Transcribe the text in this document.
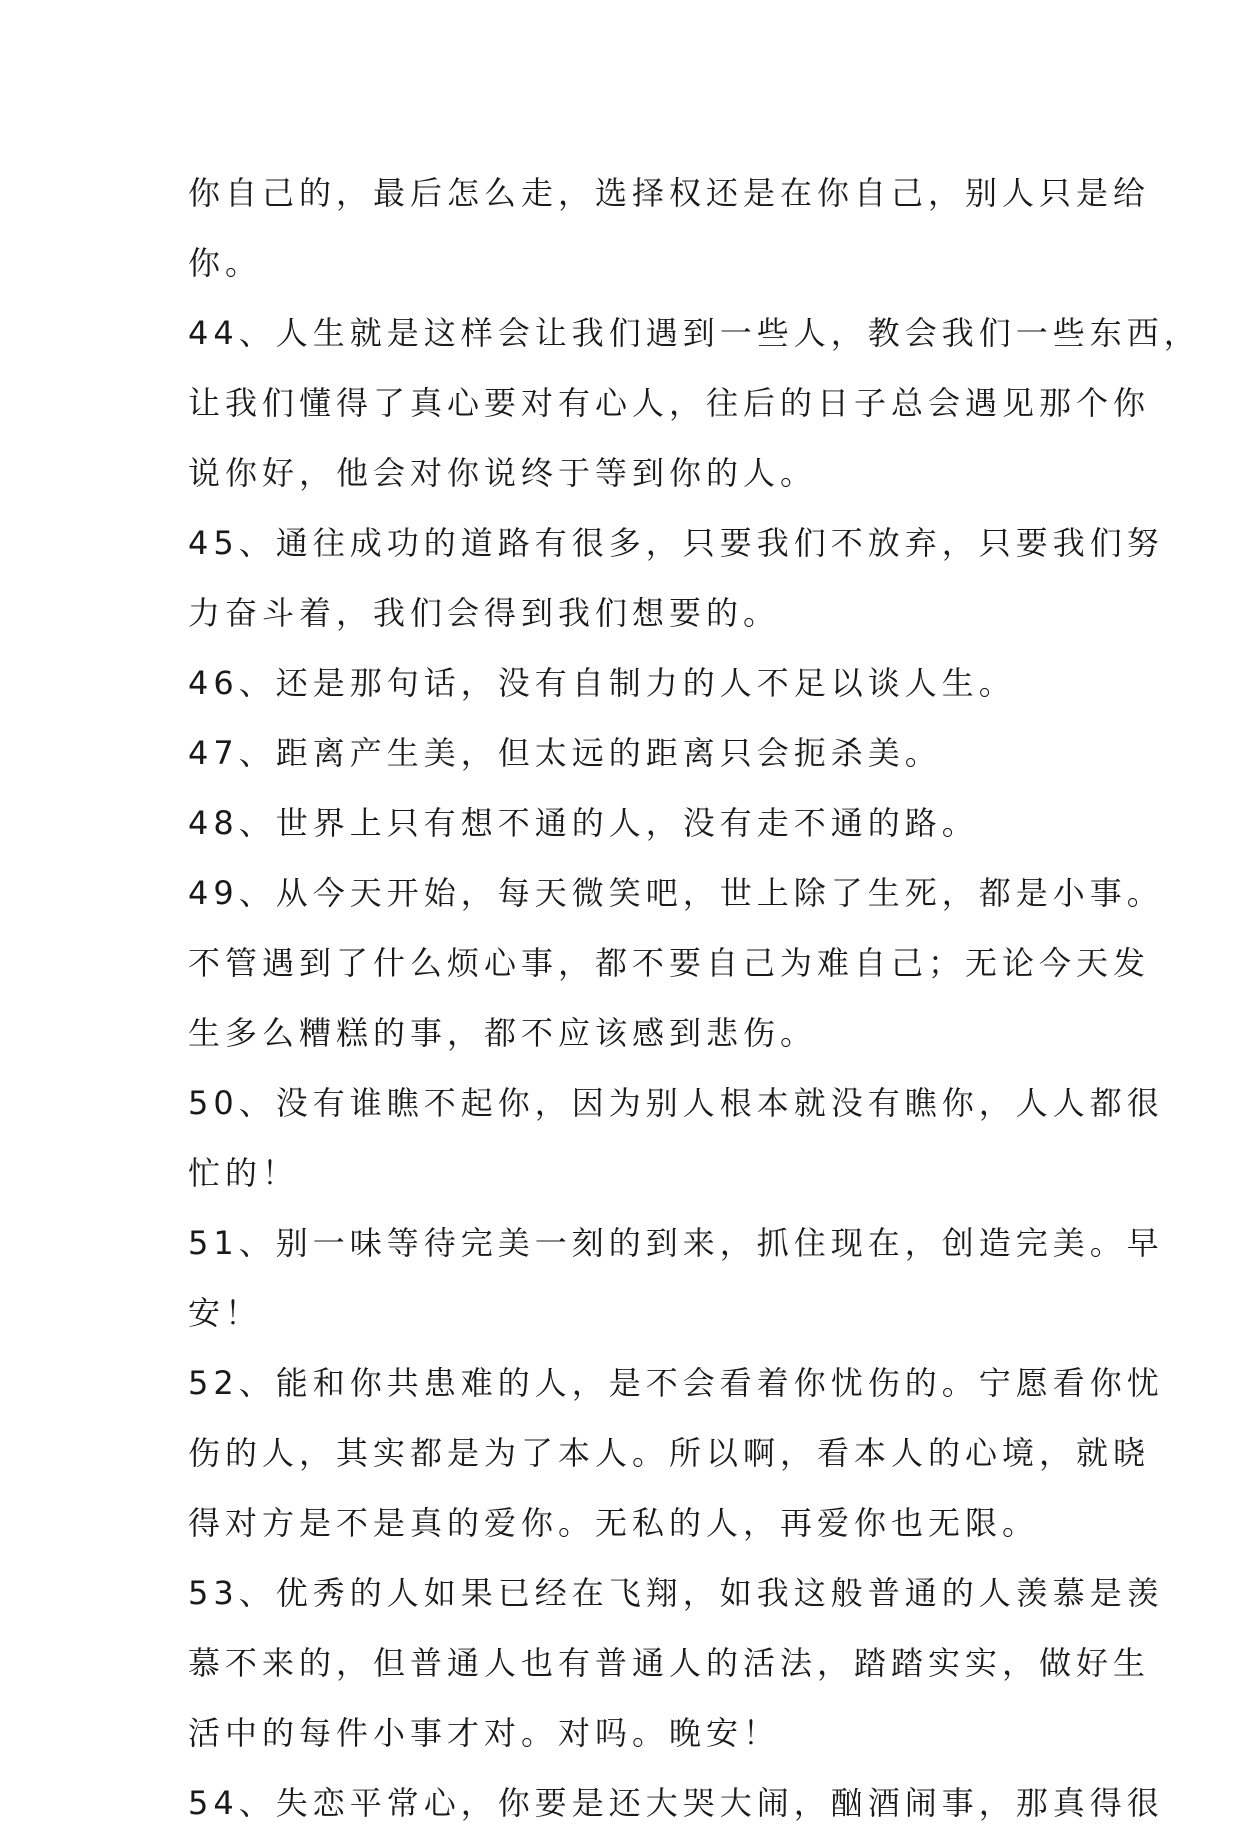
你自己的，最后怎么走，选择权还是在你自己，别人只是给
你。
44、人生就是这样会让我们遇到一些人，教会我们一些东西，
让我们懂得了真心要对有心人，往后的日子总会遇见那个你
说你好，他会对你说终于等到你的人。
45、通往成功的道路有很多，只要我们不放弃，只要我们努
力奋斗着，我们会得到我们想要的。
46、还是那句话，没有自制力的人不足以谈人生。
47、距离产生美，但太远的距离只会扼杀美。
48、世界上只有想不通的人，没有走不通的路。
49、从今天开始，每天微笑吧，世上除了生死，都是小事。
不管遇到了什么烦心事，都不要自己为难自己；无论今天发
生多么糟糕的事，都不应该感到悲伤。
50、没有谁瞧不起你，因为别人根本就没有瞧你，人人都很
忙的！
51、别一味等待完美一刻的到来，抓住现在，创造完美。早
安！
52、能和你共患难的人，是不会看着你忧伤的。宁愿看你忧
伤的人，其实都是为了本人。所以啊，看本人的心境，就晓
得对方是不是真的爱你。无私的人，再爱你也无限。
53、优秀的人如果已经在飞翔，如我这般普通的人羡慕是羡
慕不来的，但普通人也有普通人的活法，踏踏实实，做好生
活中的每件小事才对。对吗。晚安！
54、失恋平常心，你要是还大哭大闹，酗酒闹事，那真得很
